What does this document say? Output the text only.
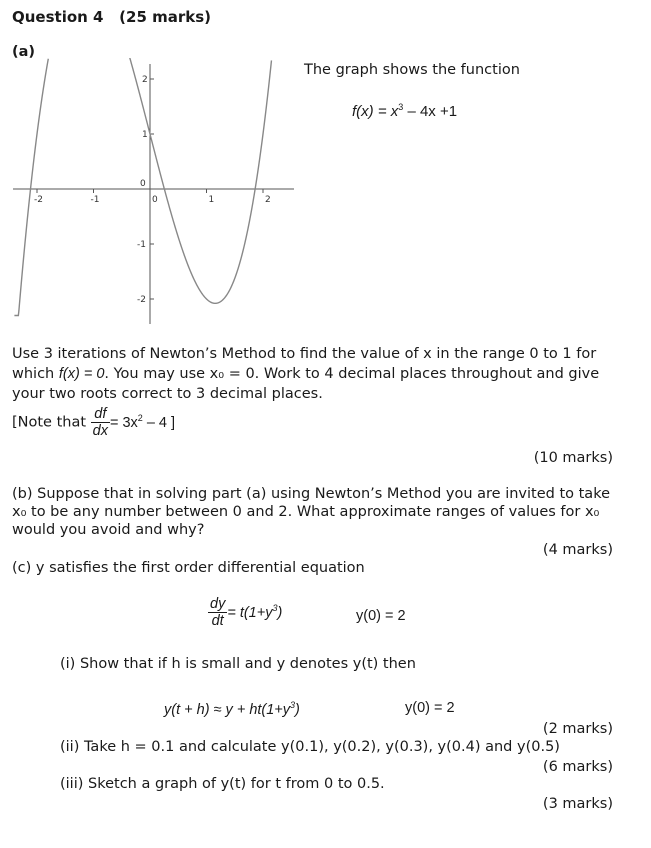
Question 4 (25 marks)
(a)
-2	-1	0	1	2
2
1
0
-1
-2
The graph shows the function
$f(x) = x^3 - 4x +1$
Use 3 iterations of Newton’s Method to find the value of x in the range 0 to 1 for
which f(x) = 0. You may use x₀ = 0. Work to 4 decimal places throughout and give
your two roots correct to 3 decimal places.
[Note that $\frac{df}{dx} = 3x^2 - 4$ ]
(10 marks)
(b) Suppose that in solving part (a) using Newton’s Method you are invited to take
x₀ to be any number between 0 and 2. What approximate ranges of values for x₀
would you avoid and why?
(4 marks)
(c) y satisfies the first order differential equation
$\frac{dy}{dt} = t(1+y^3)$	y(0) = 2
(i) Show that if h is small and y denotes y(t) then
$y(t + h) \approx y + ht(1+y^3)$	y(0) = 2
(2 marks)
(ii) Take h = 0.1 and calculate y(0.1), y(0.2), y(0.3), y(0.4) and y(0.5)
(6 marks)
(iii) Sketch a graph of y(t) for t from 0 to 0.5.
(3 marks)
